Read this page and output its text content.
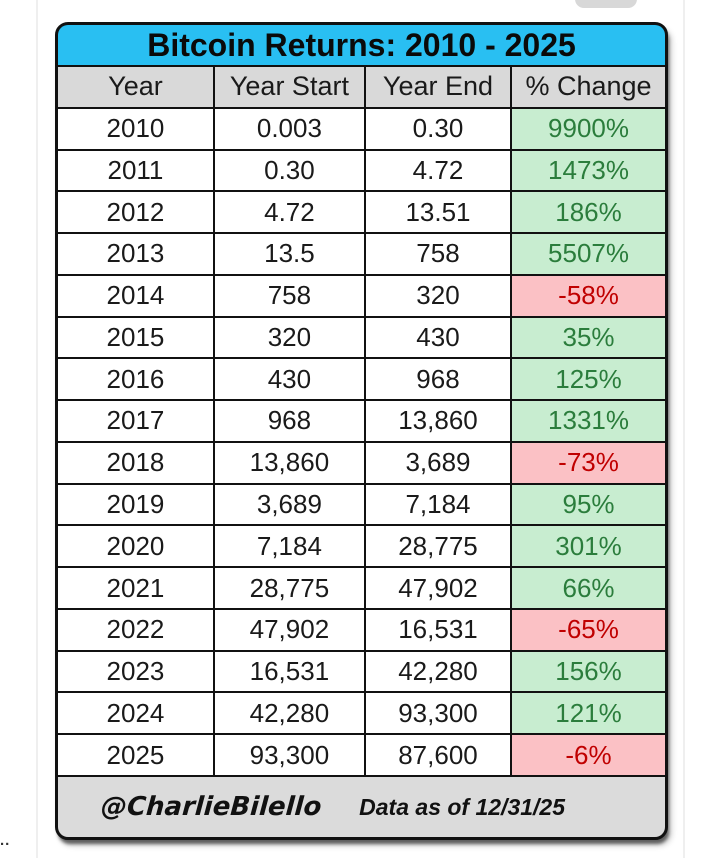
..
Bitcoin Returns: 2010 - 2025
Year	Year Start	Year End	% Change
2010	0.003	0.30	9900%
2011	0.30	4.72	1473%
2012	4.72	13.51	186%
2013	13.5	758	5507%
2014	758	320	-58%
2015	320	430	35%
2016	430	968	125%
2017	968	13,860	1331%
2018	13,860	3,689	-73%
2019	3,689	7,184	95%
2020	7,184	28,775	301%
2021	28,775	47,902	66%
2022	47,902	16,531	-65%
2023	16,531	42,280	156%
2024	42,280	93,300	121%
2025	93,300	87,600	-6%
@CharlieBilello Data as of 12/31/25
